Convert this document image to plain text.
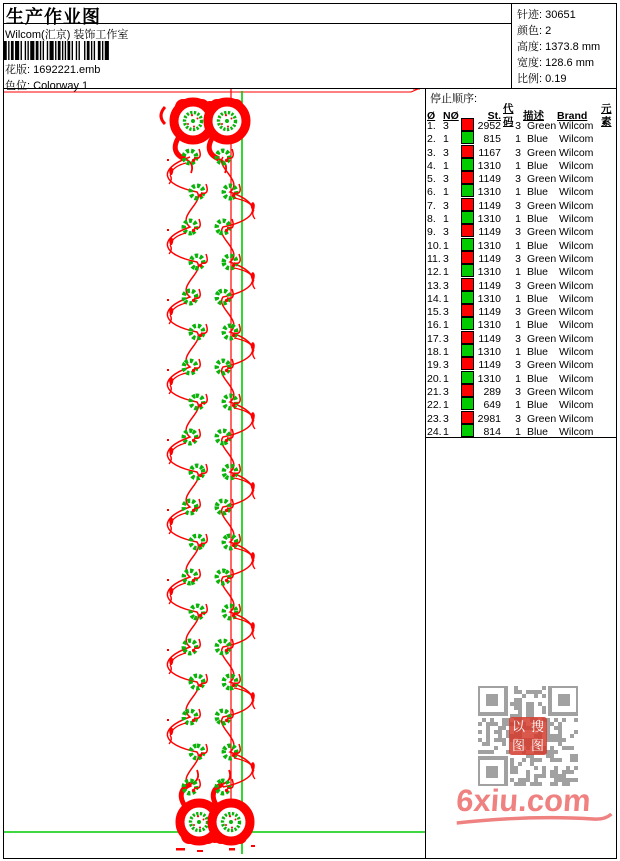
生产作业图
Wilcom(汇京) 装饰工作室
花版: 1692221.emb
色位: Colorway 1
针迹: 30651
颜色: 2
高度: 1373.8 mm
宽度: 128.6 mm
比例: 0.19
停止顺序:
Ø NØ	St.
代码
描述	Brand
元素
1. 3	2952	3 Green Wilcom
2. 1	815	1 Blue	Wilcom
3. 3	1167	3 Green Wilcom
4. 1	1310	1 Blue	Wilcom
5. 3	1149	3 Green Wilcom
6. 1	1310	1 Blue	Wilcom
7. 3	1149	3 Green Wilcom
8. 1	1310	1 Blue	Wilcom
9. 3	1149	3 Green Wilcom
10. 1	1310	1 Blue	Wilcom
11. 3	1149	3 Green Wilcom
12. 1	1310	1 Blue	Wilcom
13. 3	1149	3 Green Wilcom
14. 1	1310	1 Blue	Wilcom
15. 3	1149	3 Green Wilcom
16. 1	1310	1 Blue	Wilcom
17. 3	1149	3 Green Wilcom
18. 1	1310	1 Blue	Wilcom
19. 3	1149	3 Green Wilcom
20. 1	1310	1 Blue	Wilcom
21. 3	289	3 Green Wilcom
22. 1	649	1 Blue	Wilcom
23. 3	2981	3 Green Wilcom
24. 1	814	1 Blue	Wilcom
以 搜
图 图
6xiu.com
